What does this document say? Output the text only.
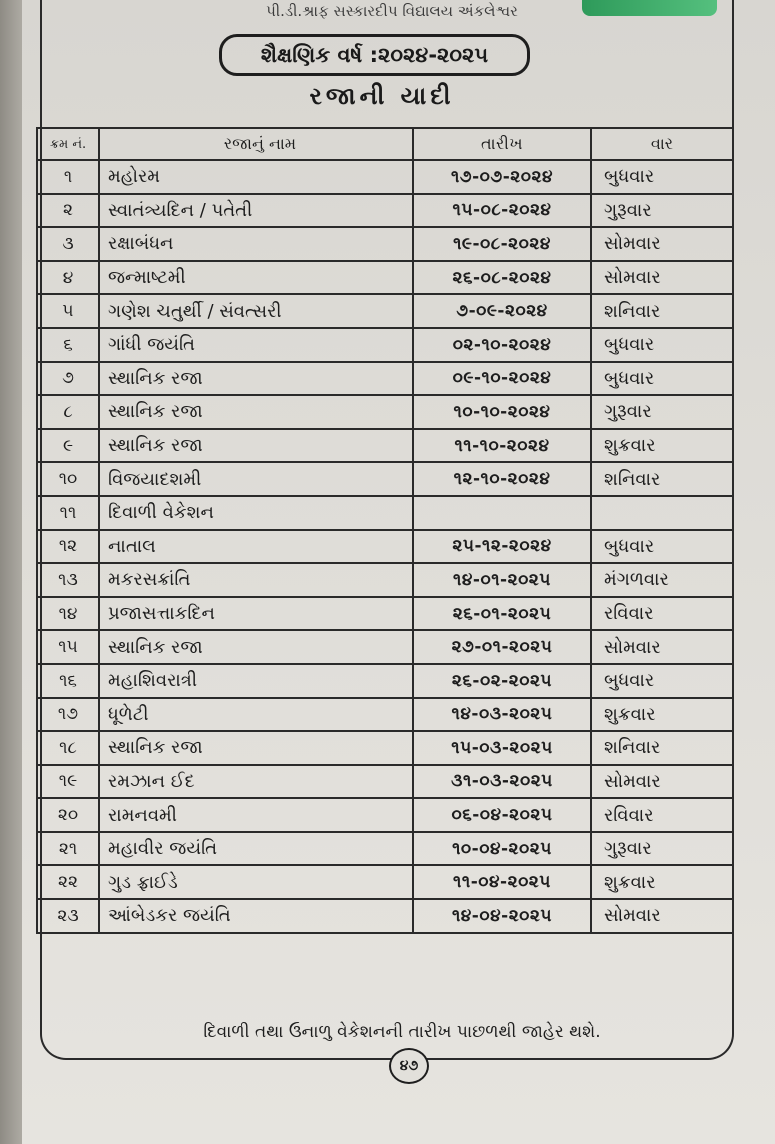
પી.ડી.શ્રાફ સસ્કારદીપ વિદ્યાલય અંકલેશ્વર
શૈક્ષણિક વર્ષ :૨૦૨૪-૨૦૨૫
રજાની યાદી
ક્રમ નં.	રજાનું નામ	તારીખ	વાર
૧	મહોરમ	૧૭-૦૭-૨૦૨૪	બુધવાર
૨	સ્વાતંત્ર્યદિન / પતેતી	૧૫-૦૮-૨૦૨૪	ગુરૂવાર
૩	રક્ષાબંધન	૧૯-૦૮-૨૦૨૪	સોમવાર
૪	જન્માષ્ટમી	૨૬-૦૮-૨૦૨૪	સોમવાર
૫	ગણેશ ચતુર્થી / સંવત્સરી	૭-૦૯-૨૦૨૪	શનિવાર
૬	ગાંધી જયંતિ	૦૨-૧૦-૨૦૨૪	બુધવાર
૭	સ્થાનિક રજા	૦૯-૧૦-૨૦૨૪	બુધવાર
૮	સ્થાનિક રજા	૧૦-૧૦-૨૦૨૪	ગુરૂવાર
૯	સ્થાનિક રજા	૧૧-૧૦-૨૦૨૪	શુક્રવાર
૧૦	વિજયાદશમી	૧૨-૧૦-૨૦૨૪	શનિવાર
૧૧	દિવાળી વેકેશન
૧૨	નાતાલ	૨૫-૧૨-૨૦૨૪	બુધવાર
૧૩	મકરસક્રાંતિ	૧૪-૦૧-૨૦૨૫	મંગળવાર
૧૪	પ્રજાસત્તાકદિન	૨૬-૦૧-૨૦૨૫	રવિવાર
૧૫	સ્થાનિક રજા	૨૭-૦૧-૨૦૨૫	સોમવાર
૧૬	મહાશિવરાત્રી	૨૬-૦૨-૨૦૨૫	બુધવાર
૧૭	ધૂળેટી	૧૪-૦૩-૨૦૨૫	શુક્રવાર
૧૮	સ્થાનિક રજા	૧૫-૦૩-૨૦૨૫	શનિવાર
૧૯	રમઝાન ઈદ	૩૧-૦૩-૨૦૨૫	સોમવાર
૨૦	રામનવમી	૦૬-૦૪-૨૦૨૫	રવિવાર
૨૧	મહાવીર જયંતિ	૧૦-૦૪-૨૦૨૫	ગુરૂવાર
૨૨	ગુડ ફ્રાઈડે	૧૧-૦૪-૨૦૨૫	શુક્રવાર
૨૩	આંબેડકર જયંતિ	૧૪-૦૪-૨૦૨૫	સોમવાર
દિવાળી તથા ઉનાળુ વેકેશનની તારીખ પાછળથી જાહેર થશે.
૪૭
